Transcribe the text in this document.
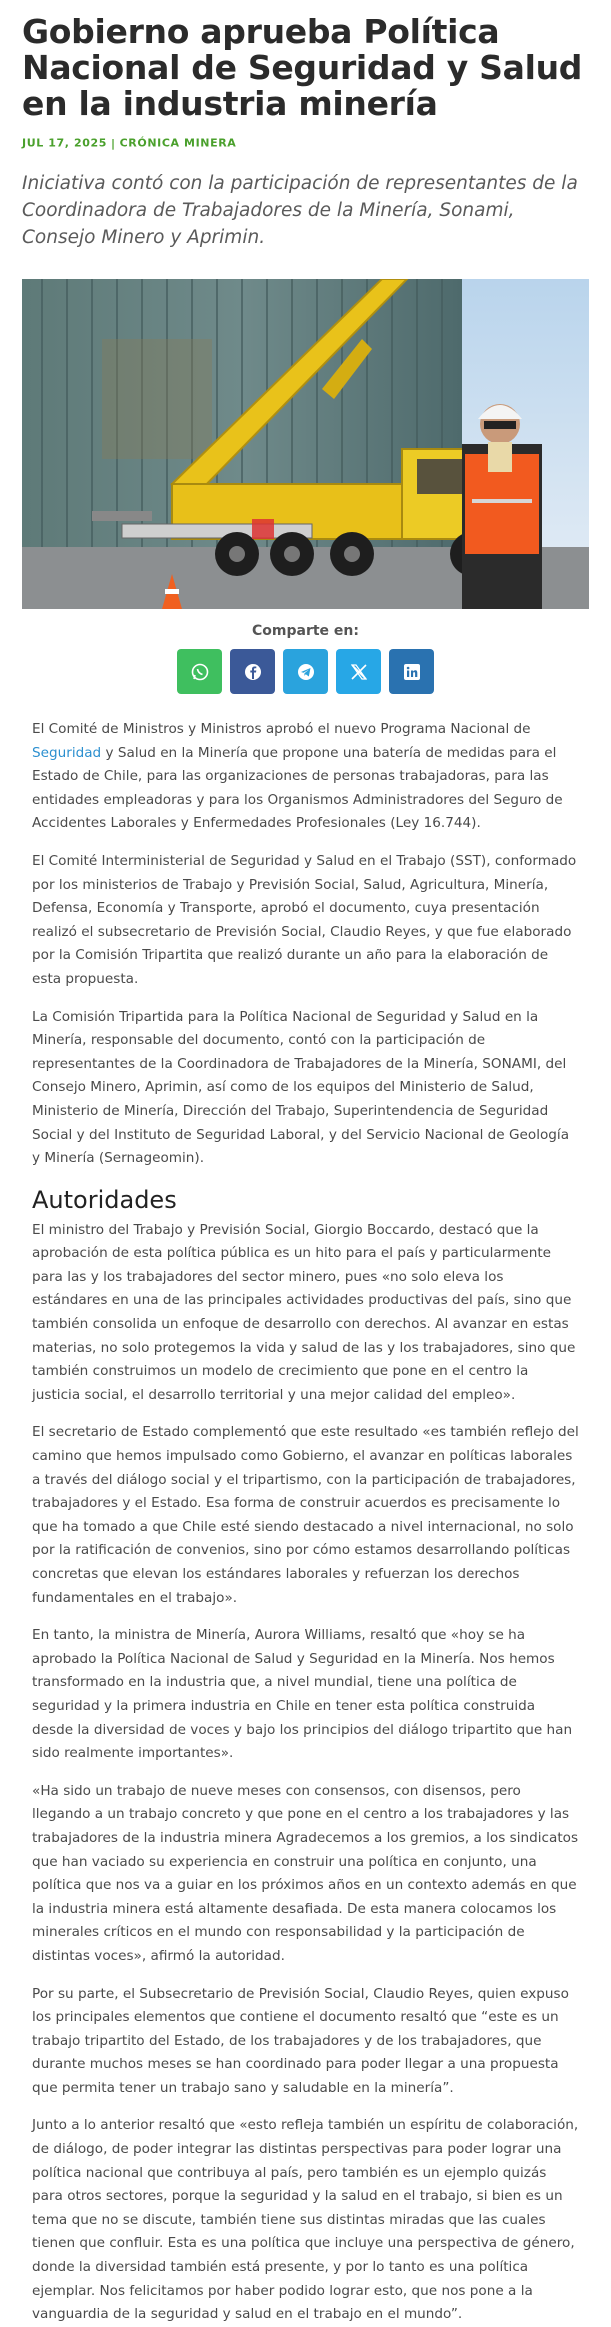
Gobierno aprueba Política Nacional de Seguridad y Salud en la industria minería
JUL 17, 2025 | CRÓNICA MINERA
Iniciativa contó con la participación de representantes de la Coordinadora de Trabajadores de la Minería, Sonami, Consejo Minero y Aprimin.
Comparte en:

El Comité de Ministros y Ministros aprobó el nuevo Programa Nacional de Seguridad y Salud en la Minería que propone una batería de medidas para el Estado de Chile, para las organizaciones de personas trabajadoras, para las entidades empleadoras y para los Organismos Administradores del Seguro de Accidentes Laborales y Enfermedades Profesionales (Ley 16.744).

El Comité Interministerial de Seguridad y Salud en el Trabajo (SST), conformado por los ministerios de Trabajo y Previsión Social, Salud, Agricultura, Minería, Defensa, Economía y Transporte, aprobó el documento, cuya presentación realizó el subsecretario de Previsión Social, Claudio Reyes, y que fue elaborado por la Comisión Tripartita que realizó durante un año para la elaboración de esta propuesta.

La Comisión Tripartida para la Política Nacional de Seguridad y Salud en la Minería, responsable del documento, contó con la participación de representantes de la Coordinadora de Trabajadores de la Minería, SONAMI, del Consejo Minero, Aprimin, así como de los equipos del Ministerio de Salud, Ministerio de Minería, Dirección del Trabajo, Superintendencia de Seguridad Social y del Instituto de Seguridad Laboral, y del Servicio Nacional de Geología y Minería (Sernageomin).

Autoridades

El ministro del Trabajo y Previsión Social, Giorgio Boccardo, destacó que la aprobación de esta política pública es un hito para el país y particularmente para las y los trabajadores del sector minero, pues «no solo eleva los estándares en una de las principales actividades productivas del país, sino que también consolida un enfoque de desarrollo con derechos. Al avanzar en estas materias, no solo protegemos la vida y salud de las y los trabajadores, sino que también construimos un modelo de crecimiento que pone en el centro la justicia social, el desarrollo territorial y una mejor calidad del empleo».

El secretario de Estado complementó que este resultado «es también reflejo del camino que hemos impulsado como Gobierno, el avanzar en políticas laborales a través del diálogo social y el tripartismo, con la participación de trabajadores, trabajadores y el Estado. Esa forma de construir acuerdos es precisamente lo que ha tomado a que Chile esté siendo destacado a nivel internacional, no solo por la ratificación de convenios, sino por cómo estamos desarrollando políticas concretas que elevan los estándares laborales y refuerzan los derechos fundamentales en el trabajo».

En tanto, la ministra de Minería, Aurora Williams, resaltó que «hoy se ha aprobado la Política Nacional de Salud y Seguridad en la Minería. Nos hemos transformado en la industria que, a nivel mundial, tiene una política de seguridad y la primera industria en Chile en tener esta política construida desde la diversidad de voces y bajo los principios del diálogo tripartito que han sido realmente importantes».

«Ha sido un trabajo de nueve meses con consensos, con disensos, pero llegando a un trabajo concreto y que pone en el centro a los trabajadores y las trabajadores de la industria minera Agradecemos a los gremios, a los sindicatos que han vaciado su experiencia en construir una política en conjunto, una política que nos va a guiar en los próximos años en un contexto además en que la industria minera está altamente desafiada. De esta manera colocamos los minerales críticos en el mundo con responsabilidad y la participación de distintas voces», afirmó la autoridad.

Por su parte, el Subsecretario de Previsión Social, Claudio Reyes, quien expuso los principales elementos que contiene el documento resaltó que “este es un trabajo tripartito del Estado, de los trabajadores y de los trabajadores, que durante muchos meses se han coordinado para poder llegar a una propuesta que permita tener un trabajo sano y saludable en la minería”.

Junto a lo anterior resaltó que «esto refleja también un espíritu de colaboración, de diálogo, de poder integrar las distintas perspectivas para poder lograr una política nacional que contribuya al país, pero también es un ejemplo quizás para otros sectores, porque la seguridad y la salud en el trabajo, si bien es un tema que no se discute, también tiene sus distintas miradas que las cuales tienen que confluir. Esta es una política que incluye una perspectiva de género, donde la diversidad también está presente, y por lo tanto es una política ejemplar. Nos felicitamos por haber podido lograr esto, que nos pone a la vanguardia de la seguridad y salud en el trabajo en el mundo”.
